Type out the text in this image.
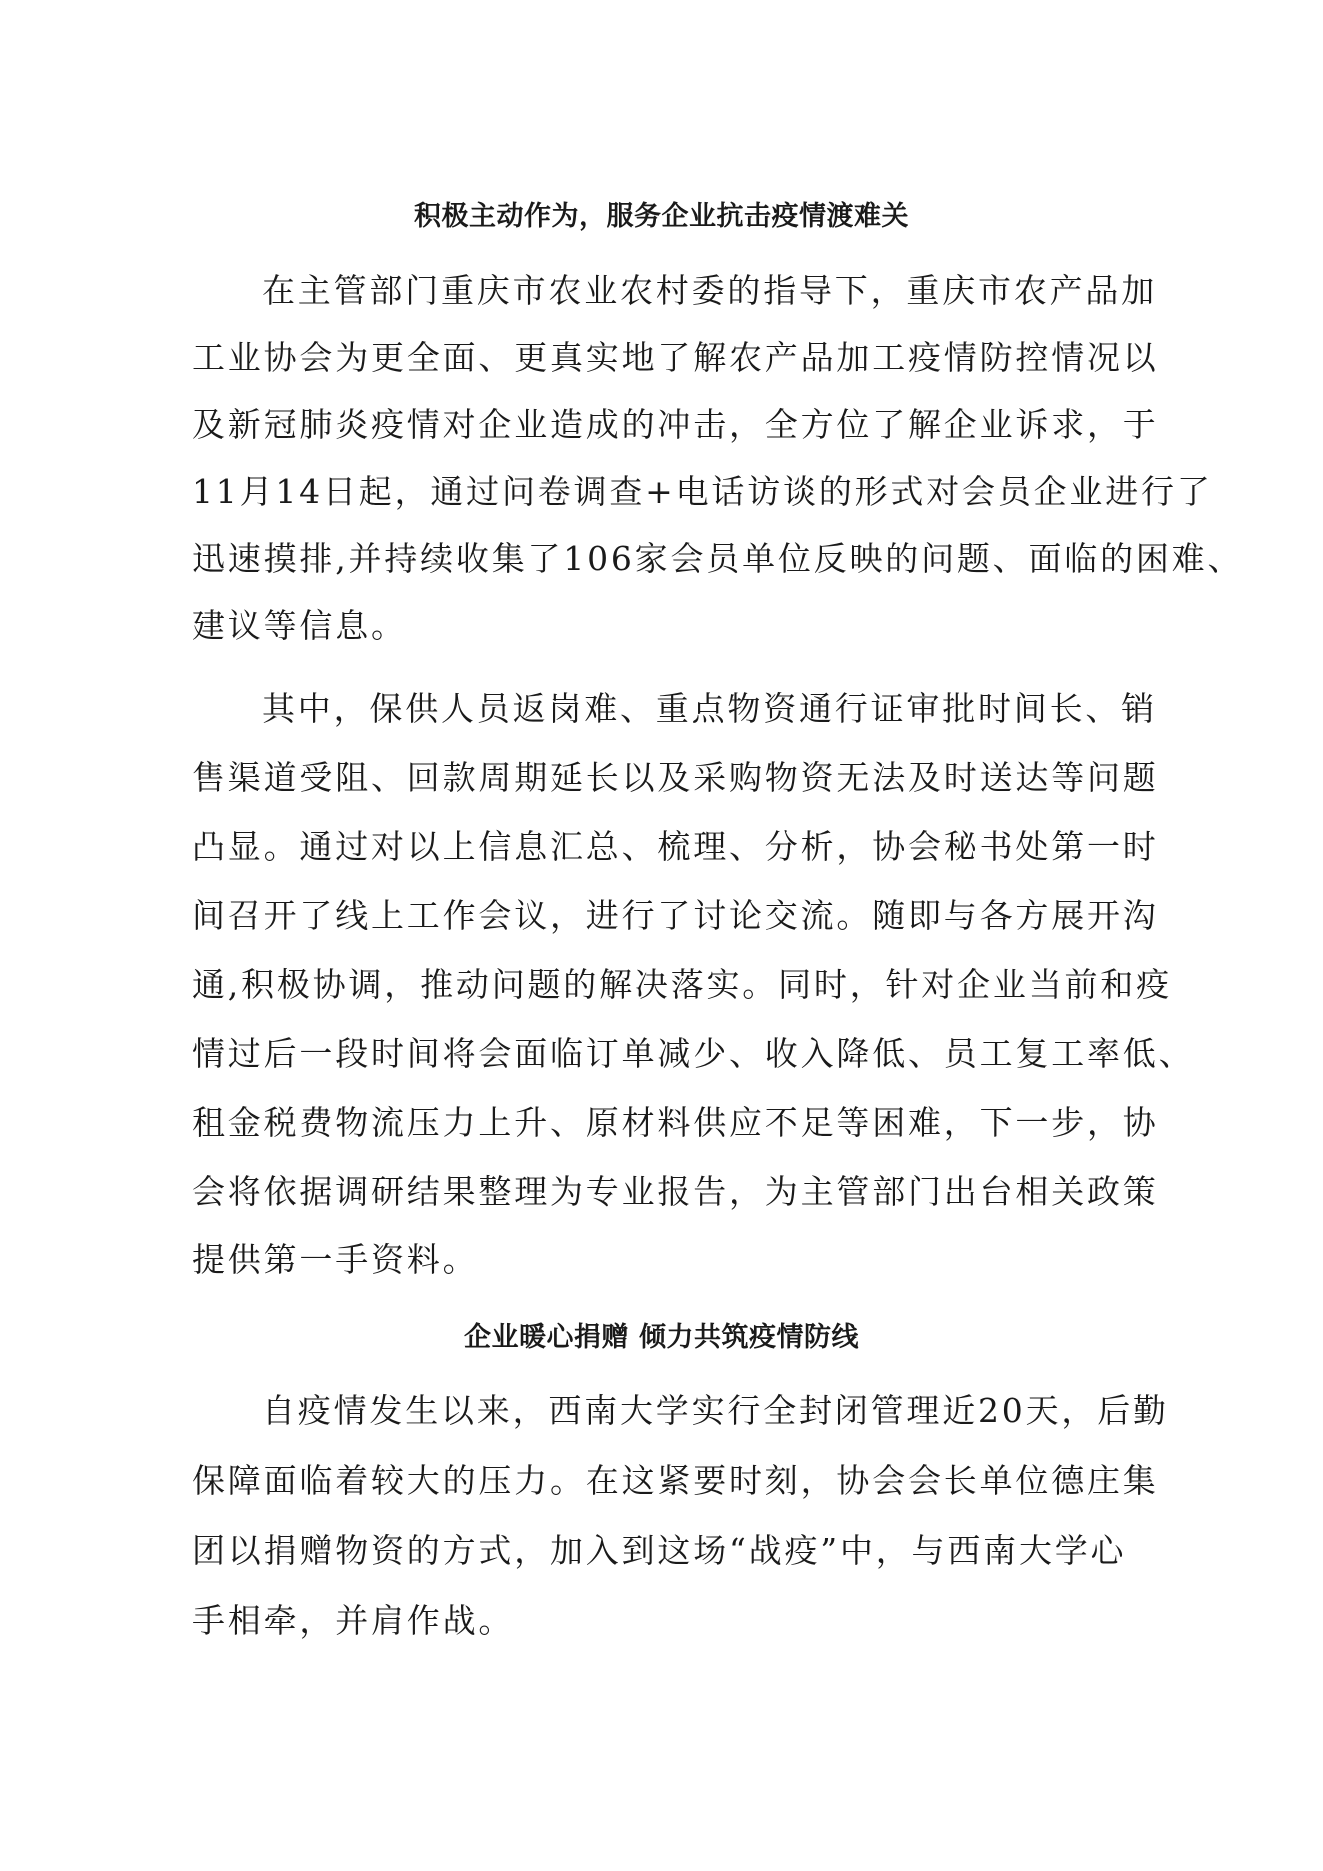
积极主动作为，服务企业抗击疫情渡难关

在主管部门重庆市农业农村委的指导下，重庆市农产品加

工业协会为更全面、更真实地了解农产品加工疫情防控情况以

及新冠肺炎疫情对企业造成的冲击，全方位了解企业诉求，于

11月14日起，通过问卷调查+电话访谈的形式对会员企业进行了

迅速摸排,并持续收集了106家会员单位反映的问题、面临的困难、

建议等信息。

其中，保供人员返岗难、重点物资通行证审批时间长、销

售渠道受阻、回款周期延长以及采购物资无法及时送达等问题

凸显。通过对以上信息汇总、梳理、分析，协会秘书处第一时

间召开了线上工作会议，进行了讨论交流。随即与各方展开沟

通,积极协调，推动问题的解决落实。同时，针对企业当前和疫

情过后一段时间将会面临订单减少、收入降低、员工复工率低、

租金税费物流压力上升、原材料供应不足等困难，下一步，协

会将依据调研结果整理为专业报告，为主管部门出台相关政策

提供第一手资料。

企业暖心捐赠 倾力共筑疫情防线

自疫情发生以来，西南大学实行全封闭管理近20天，后勤

保障面临着较大的压力。在这紧要时刻，协会会长单位德庄集

团以捐赠物资的方式，加入到这场“战疫”中，与西南大学心

手相牵，并肩作战。
